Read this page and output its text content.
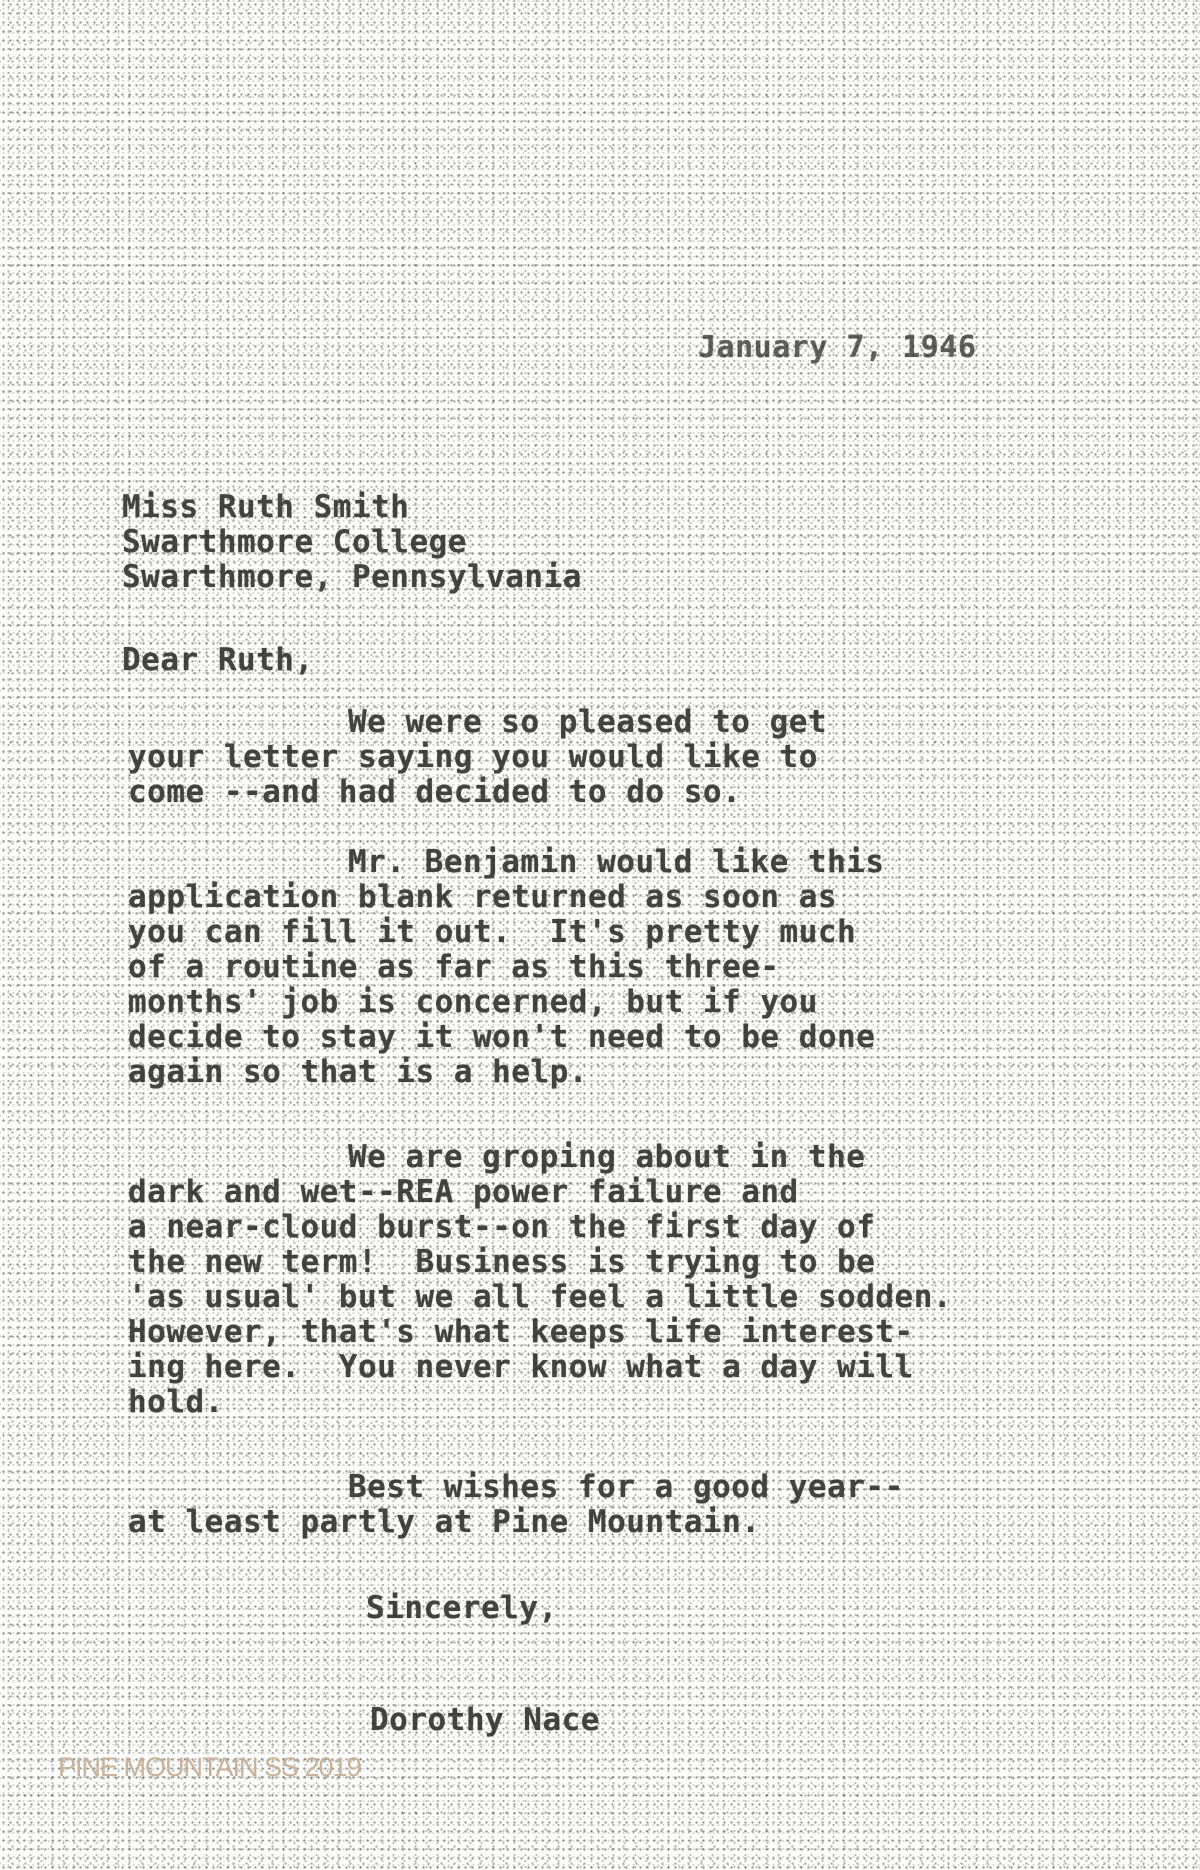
January 7, 1946
Miss Ruth Smith
Swarthmore College
Swarthmore, Pennsylvania
Dear Ruth,
We were so pleased to get
your letter saying you would like to
come --and had decided to do so.
Mr. Benjamin would like this
application blank returned as soon as
you can fill it out.  It's pretty much
of a routine as far as this three-
months' job is concerned, but if you
decide to stay it won't need to be done
again so that is a help.
We are groping about in the
dark and wet--REA power failure and
a near-cloud burst--on the first day of
the new term!  Business is trying to be
'as usual' but we all feel a little sodden.
However, that's what keeps life interest-
ing here.  You never know what a day will
hold.
Best wishes for a good year--
at least partly at Pine Mountain.
Sincerely,
Dorothy Nace
PINE MOUNTAIN SS 2019
